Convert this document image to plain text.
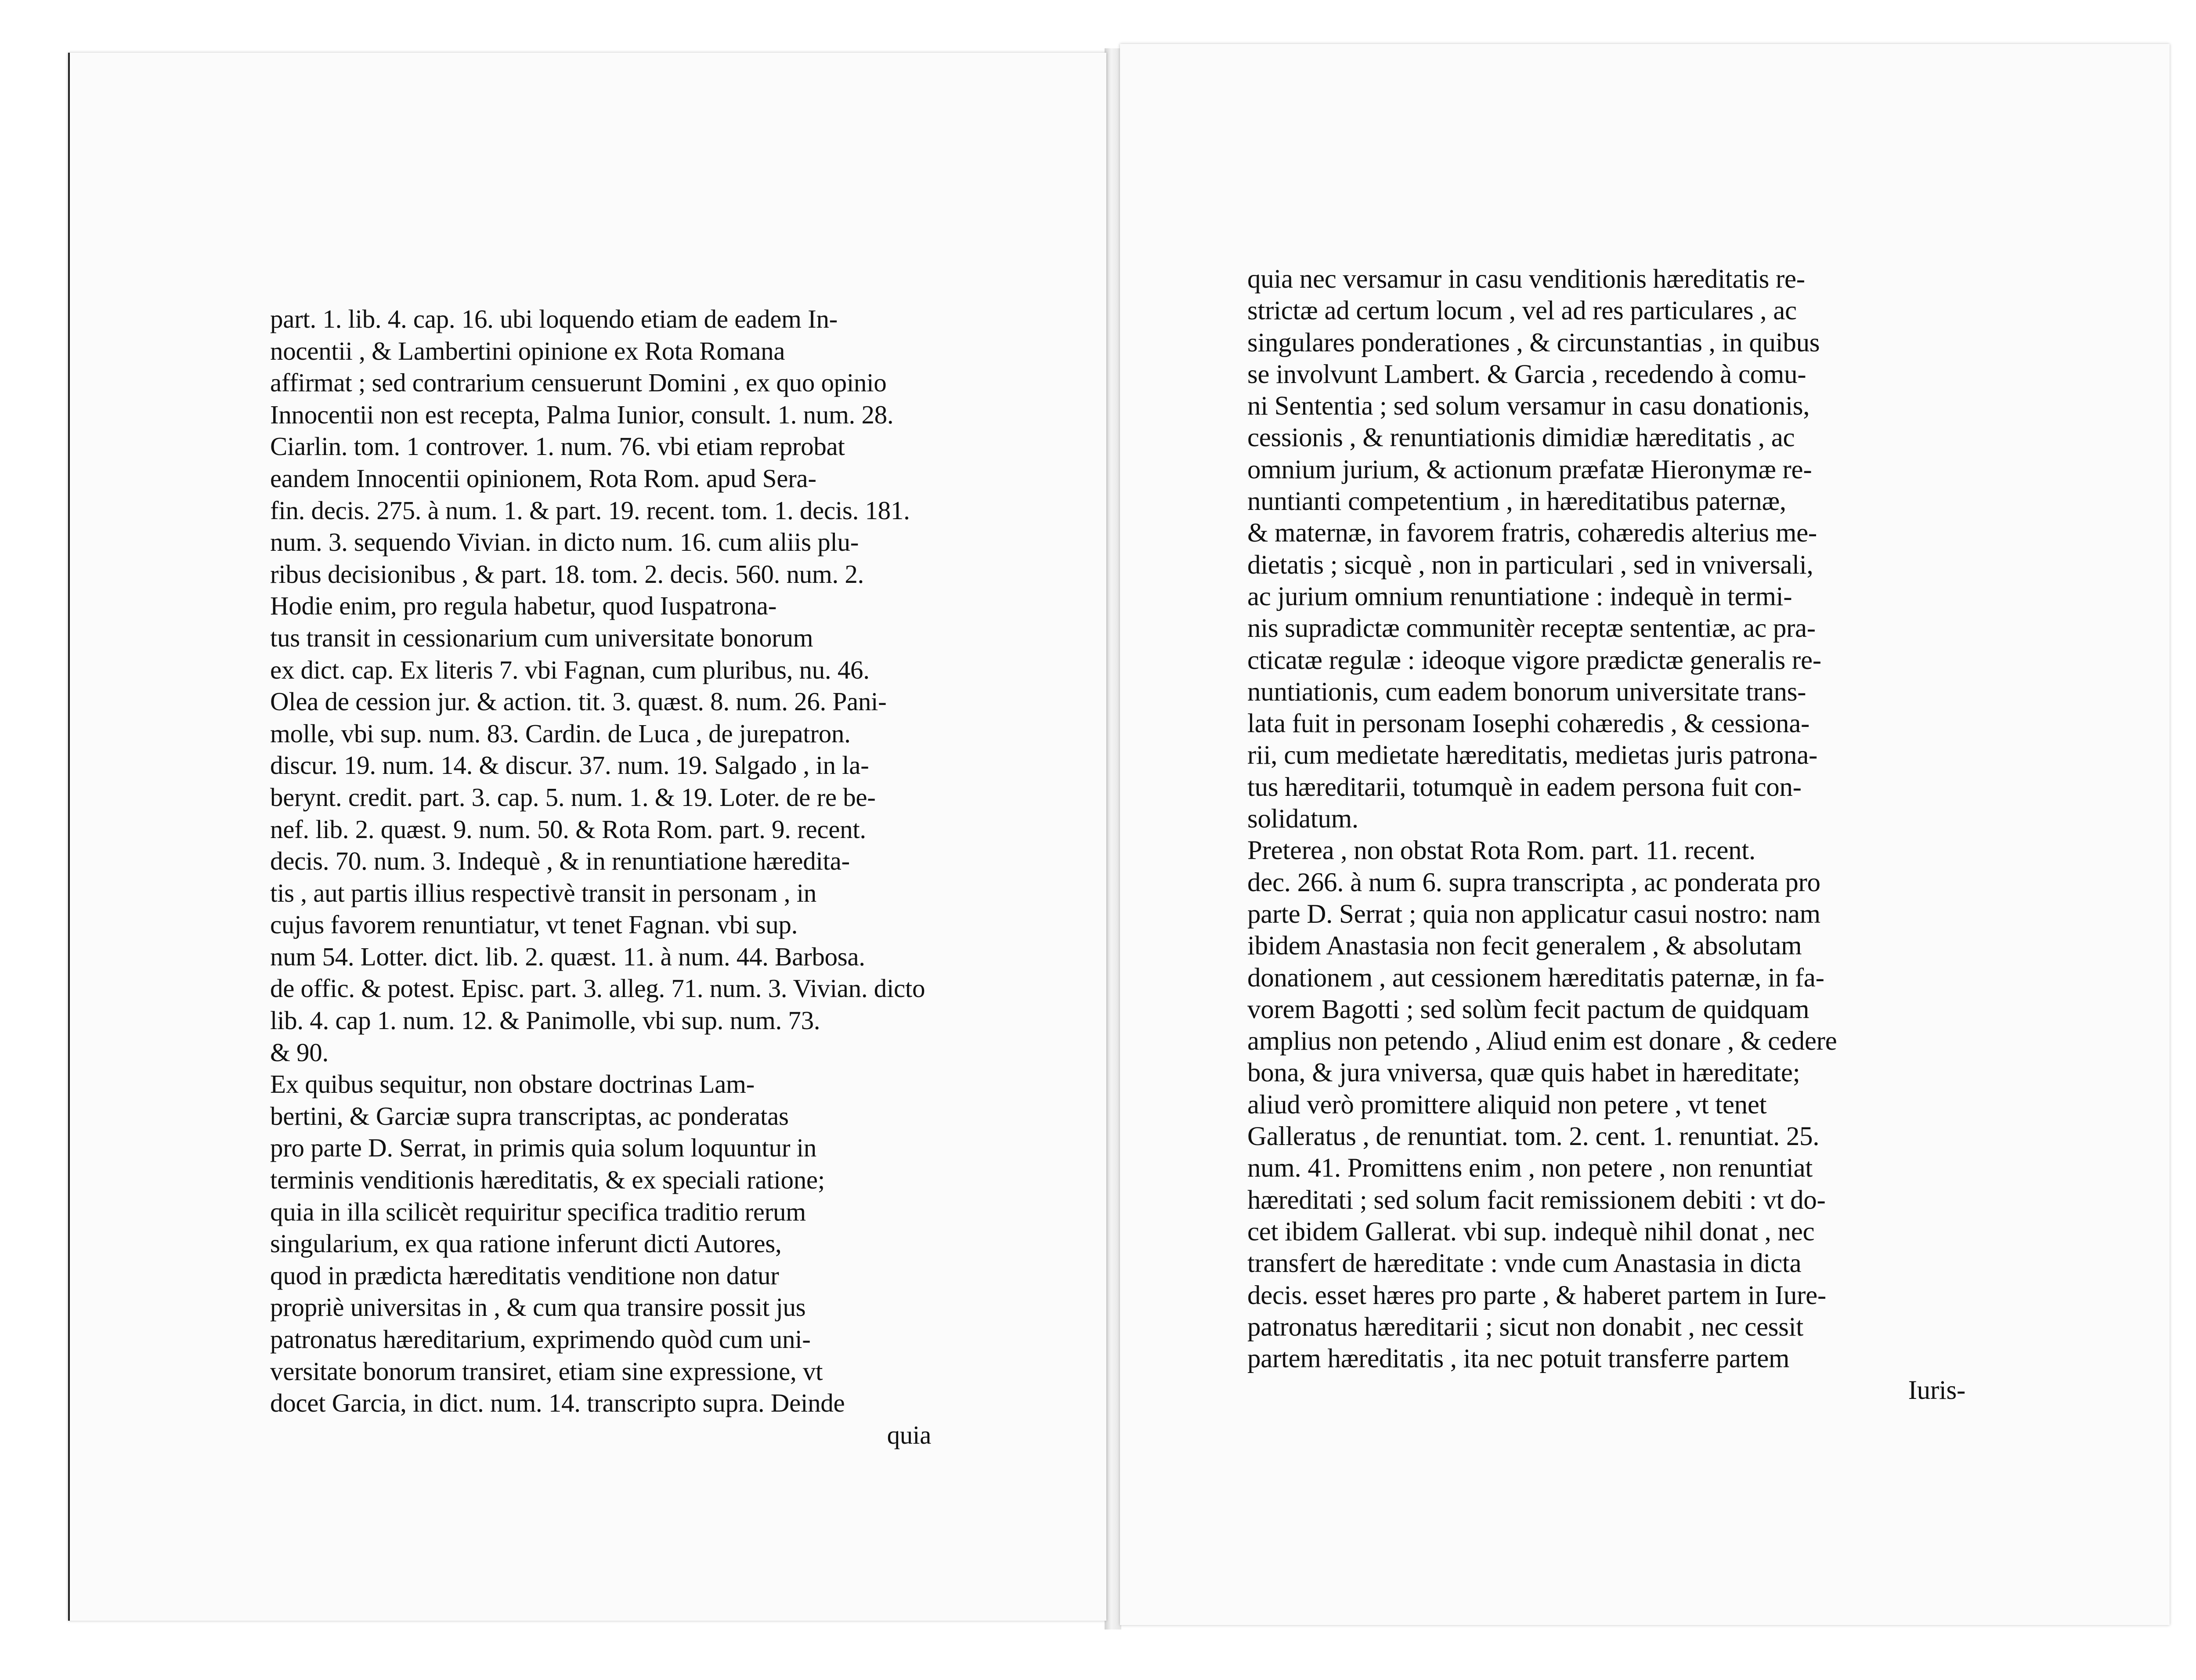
part. 1. lib. 4. cap. 16. ubi loquendo etiam de eadem In-
nocentii , & Lambertini opinione ex Rota Romana
affirmat ; sed contrarium censuerunt Domini , ex quo opinio
Innocentii non est recepta, Palma Iunior, consult. 1. num. 28.
Ciarlin. tom. 1 controver. 1. num. 76. vbi etiam reprobat
eandem Innocentii opinionem, Rota Rom. apud Sera-
fin. decis. 275. à num. 1. & part. 19. recent. tom. 1. decis. 181.
num. 3. sequendo Vivian. in dicto num. 16. cum aliis plu-
ribus decisionibus , & part. 18. tom. 2. decis. 560. num. 2.
Hodie enim, pro regula habetur, quod Iuspatrona-
tus transit in cessionarium cum universitate bonorum
ex dict. cap. Ex literis 7. vbi Fagnan, cum pluribus, nu. 46.
Olea de cession jur. & action. tit. 3. quæst. 8. num. 26. Pani-
molle, vbi sup. num. 83. Cardin. de Luca , de jurepatron.
discur. 19. num. 14. & discur. 37. num. 19. Salgado , in la-
berynt. credit. part. 3. cap. 5. num. 1. & 19. Loter. de re be-
nef. lib. 2. quæst. 9. num. 50. & Rota Rom. part. 9. recent.
decis. 70. num. 3. Indequè , & in renuntiatione hæredita-
tis , aut partis illius respectivè transit in personam , in
cujus favorem renuntiatur, vt tenet Fagnan. vbi sup.
num 54. Lotter. dict. lib. 2. quæst. 11. à num. 44. Barbosa.
de offic. & potest. Episc. part. 3. alleg. 71. num. 3. Vivian. dicto
lib. 4. cap 1. num. 12. & Panimolle, vbi sup. num. 73.
& 90.
Ex quibus sequitur, non obstare doctrinas Lam-
bertini, & Garciæ supra transcriptas, ac ponderatas
pro parte D. Serrat, in primis quia solum loquuntur in
terminis venditionis hæreditatis, & ex speciali ratione;
quia in illa scilicèt requiritur specifica traditio rerum
singularium, ex qua ratione inferunt dicti Autores,
quod in prædicta hæreditatis venditione non datur
propriè universitas in , & cum qua transire possit jus
patronatus hæreditarium, exprimendo quòd cum uni-
versitate bonorum transiret, etiam sine expressione, vt
docet Garcia, in dict. num. 14. transcripto supra. Deinde
quia
quia nec versamur in casu venditionis hæreditatis re-
strictæ ad certum locum , vel ad res particulares , ac
singulares ponderationes , & circunstantias , in quibus
se involvunt Lambert. & Garcia , recedendo à comu-
ni Sententia ; sed solum versamur in casu donationis,
cessionis , & renuntiationis dimidiæ hæreditatis , ac
omnium jurium, & actionum præfatæ Hieronymæ re-
nuntianti competentium , in hæreditatibus paternæ,
& maternæ, in favorem fratris, cohæredis alterius me-
dietatis ; sicquè , non in particulari , sed in vniversali,
ac jurium omnium renuntiatione : indequè in termi-
nis supradictæ communitèr receptæ sententiæ, ac pra-
cticatæ regulæ : ideoque vigore prædictæ generalis re-
nuntiationis, cum eadem bonorum universitate trans-
lata fuit in personam Iosephi cohæredis , & cessiona-
rii, cum medietate hæreditatis, medietas juris patrona-
tus hæreditarii, totumquè in eadem persona fuit con-
solidatum.
Preterea , non obstat Rota Rom. part. 11. recent.
dec. 266. à num 6. supra transcripta , ac ponderata pro
parte D. Serrat ; quia non applicatur casui nostro: nam
ibidem Anastasia non fecit generalem , & absolutam
donationem , aut cessionem hæreditatis paternæ, in fa-
vorem Bagotti ; sed solùm fecit pactum de quidquam
amplius non petendo , Aliud enim est donare , & cedere
bona, & jura vniversa, quæ quis habet in hæreditate;
aliud verò promittere aliquid non petere , vt tenet
Galleratus , de renuntiat. tom. 2. cent. 1. renuntiat. 25.
num. 41. Promittens enim , non petere , non renuntiat
hæreditati ; sed solum facit remissionem debiti : vt do-
cet ibidem Gallerat. vbi sup. indequè nihil donat , nec
transfert de hæreditate : vnde cum Anastasia in dicta
decis. esset hæres pro parte , & haberet partem in Iure-
patronatus hæreditarii ; sicut non donabit , nec cessit
partem hæreditatis , ita nec potuit transferre partem
Iuris-
